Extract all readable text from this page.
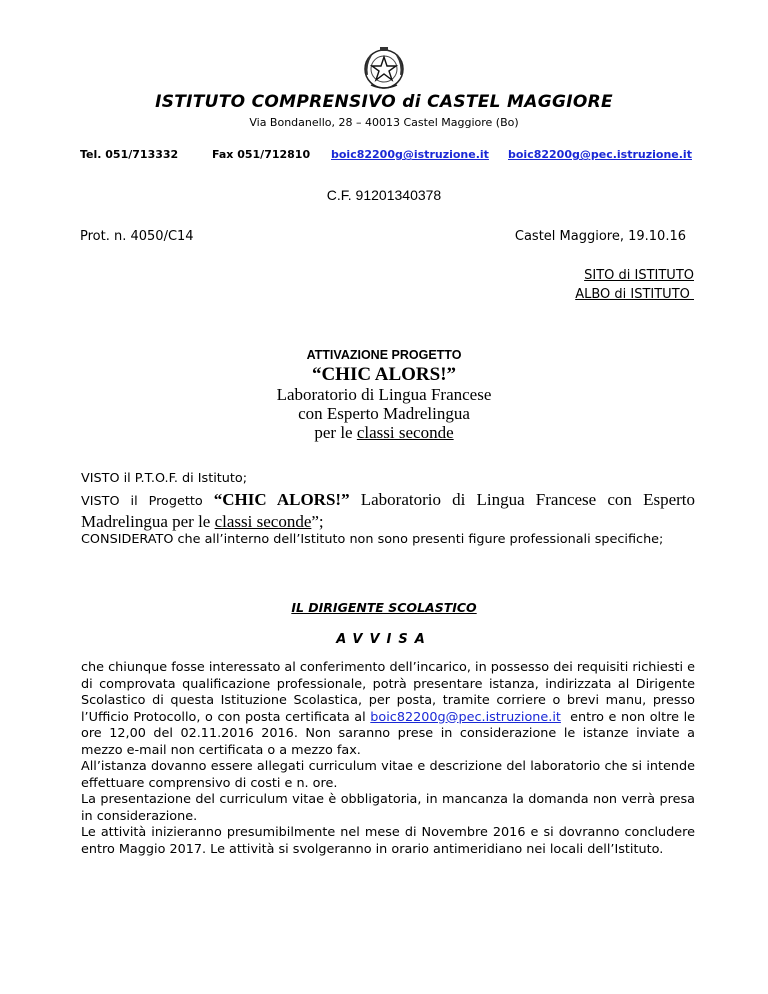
ISTITUTO COMPRENSIVO di CASTEL MAGGIORE
Via Bondanello, 28 – 40013 Castel Maggiore (Bo)
Tel. 051/713332	Fax 051/712810 boic82200g@istruzione.it boic82200g@pec.istruzione.it
C.F. 91201340378
Prot. n. 4050/C14	Castel Maggiore, 19.10.16
SITO di ISTITUTO
ALBO di ISTITUTO
ATTIVAZIONE PROGETTO
“CHIC ALORS!”
Laboratorio di Lingua Francese
con Esperto Madrelingua
per le classi seconde
VISTO il P.T.O.F. di Istituto;
VISTO il Progetto “CHIC ALORS!” Laboratorio di Lingua Francese con Esperto Madrelingua per le classi seconde”;
CONSIDERATO che all’interno dell’Istituto non sono presenti figure professionali specifiche;
IL DIRIGENTE SCOLASTICO
AVVISA

che chiunque fosse interessato al conferimento dell’incarico, in possesso dei requisiti richiesti e di comprovata qualificazione professionale, potrà presentare istanza, indirizzata al Dirigente Scolastico di questa Istituzione Scolastica, per posta, tramite corriere o brevi manu, presso l’Ufficio Protocollo, o con posta certificata al boic82200g@pec.istruzione.it  entro e non oltre le ore 12,00 del 02.11.2016 2016. Non saranno prese in considerazione le istanze inviate a mezzo e-mail non certificata o a mezzo fax.

All’istanza dovanno essere allegati curriculum vitae e descrizione del laboratorio che si intende effettuare comprensivo di costi e n. ore.

La presentazione del curriculum vitae è obbligatoria, in mancanza la domanda non verrà presa in considerazione.

Le attività inizieranno presumibilmente nel mese di Novembre 2016 e si dovranno concludere entro Maggio 2017. Le attività si svolgeranno in orario antimeridiano nei locali dell’Istituto.
